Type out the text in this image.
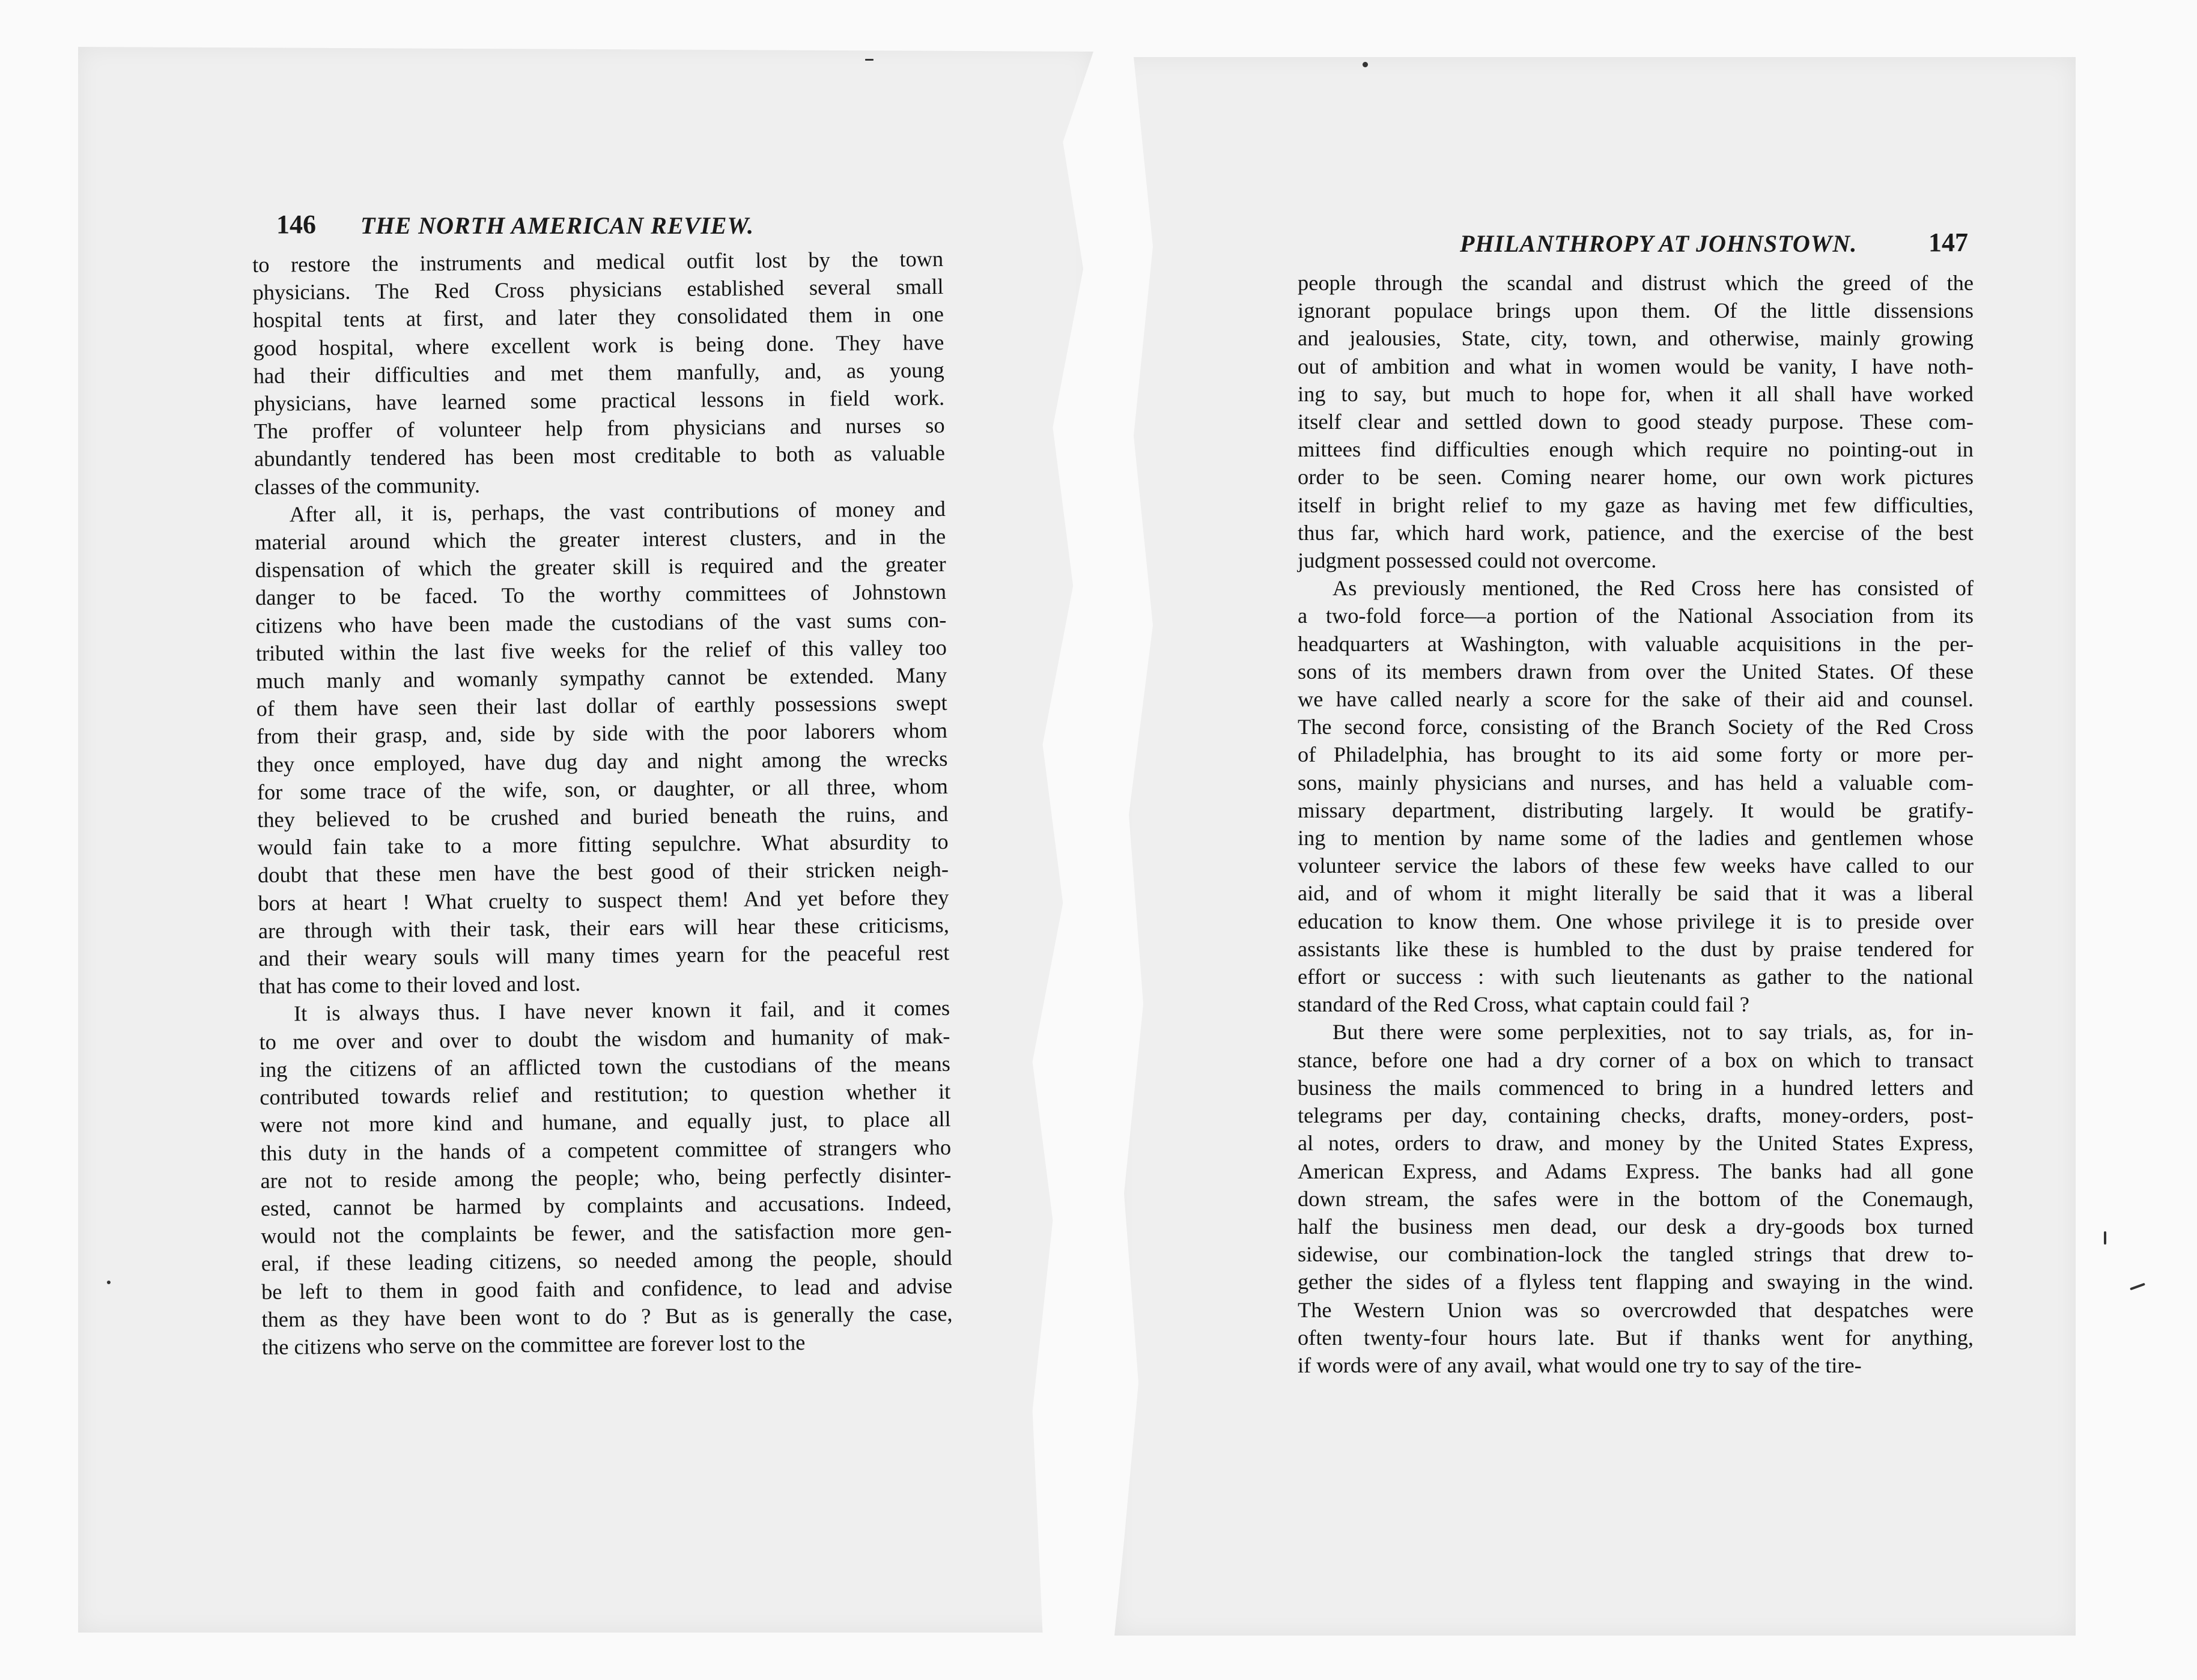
146 THE NORTH AMERICAN REVIEW.
PHILANTHROPY AT JOHNSTOWN.	147

to restore the instruments and medical outfit lost by the town
physicians. The Red Cross physicians established several small
hospital tents at first, and later they consolidated them in one
good hospital, where excellent work is being done. They have
had their difficulties and met them manfully, and, as young
physicians, have learned some practical lessons in field work.
The proffer of volunteer help from physicians and nurses so
abundantly tendered has been most creditable to both as valuable
classes of the community.

After all, it is, perhaps, the vast contributions of money and
material around which the greater interest clusters, and in the
dispensation of which the greater skill is required and the greater
danger to be faced. To the worthy committees of Johnstown
citizens who have been made the custodians of the vast sums con-
tributed within the last five weeks for the relief of this valley too
much manly and womanly sympathy cannot be extended. Many
of them have seen their last dollar of earthly possessions swept
from their grasp, and, side by side with the poor laborers whom
they once employed, have dug day and night among the wrecks
for some trace of the wife, son, or daughter, or all three, whom
they believed to be crushed and buried beneath the ruins, and
would fain take to a more fitting sepulchre. What absurdity to
doubt that these men have the best good of their stricken neigh-
bors at heart ! What cruelty to suspect them! And yet before they
are through with their task, their ears will hear these criticisms,
and their weary souls will many times yearn for the peaceful rest
that has come to their loved and lost.

It is always thus. I have never known it fail, and it comes
to me over and over to doubt the wisdom and humanity of mak-
ing the citizens of an afflicted town the custodians of the means
contributed towards relief and restitution; to question whether it
were not more kind and humane, and equally just, to place all
this duty in the hands of a competent committee of strangers who
are not to reside among the people; who, being perfectly disinter-
ested, cannot be harmed by complaints and accusations. Indeed,
would not the complaints be fewer, and the satisfaction more gen-
eral, if these leading citizens, so needed among the people, should
be left to them in good faith and confidence, to lead and advise
them as they have been wont to do ? But as is generally the case,
the citizens who serve on the committee are forever lost to the

people through the scandal and distrust which the greed of the
ignorant populace brings upon them. Of the little dissensions
and jealousies, State, city, town, and otherwise, mainly growing
out of ambition and what in women would be vanity, I have noth-
ing to say, but much to hope for, when it all shall have worked
itself clear and settled down to good steady purpose. These com-
mittees find difficulties enough which require no pointing-out in
order to be seen. Coming nearer home, our own work pictures
itself in bright relief to my gaze as having met few difficulties,
thus far, which hard work, patience, and the exercise of the best
judgment possessed could not overcome.

As previously mentioned, the Red Cross here has consisted of
a two-fold force—a portion of the National Association from its
headquarters at Washington, with valuable acquisitions in the per-
sons of its members drawn from over the United States. Of these
we have called nearly a score for the sake of their aid and counsel.
The second force, consisting of the Branch Society of the Red Cross
of Philadelphia, has brought to its aid some forty or more per-
sons, mainly physicians and nurses, and has held a valuable com-
missary department, distributing largely. It would be gratify-
ing to mention by name some of the ladies and gentlemen whose
volunteer service the labors of these few weeks have called to our
aid, and of whom it might literally be said that it was a liberal
education to know them. One whose privilege it is to preside over
assistants like these is humbled to the dust by praise tendered for
effort or success : with such lieutenants as gather to the national
standard of the Red Cross, what captain could fail ?

But there were some perplexities, not to say trials, as, for in-
stance, before one had a dry corner of a box on which to transact
business the mails commenced to bring in a hundred letters and
telegrams per day, containing checks, drafts, money-orders, post-
al notes, orders to draw, and money by the United States Express,
American Express, and Adams Express. The banks had all gone
down stream, the safes were in the bottom of the Conemaugh,
half the business men dead, our desk a dry-goods box turned
sidewise, our combination-lock the tangled strings that drew to-
gether the sides of a flyless tent flapping and swaying in the wind.
The Western Union was so overcrowded that despatches were
often twenty-four hours late. But if thanks went for anything,
if words were of any avail, what would one try to say of the tire-
